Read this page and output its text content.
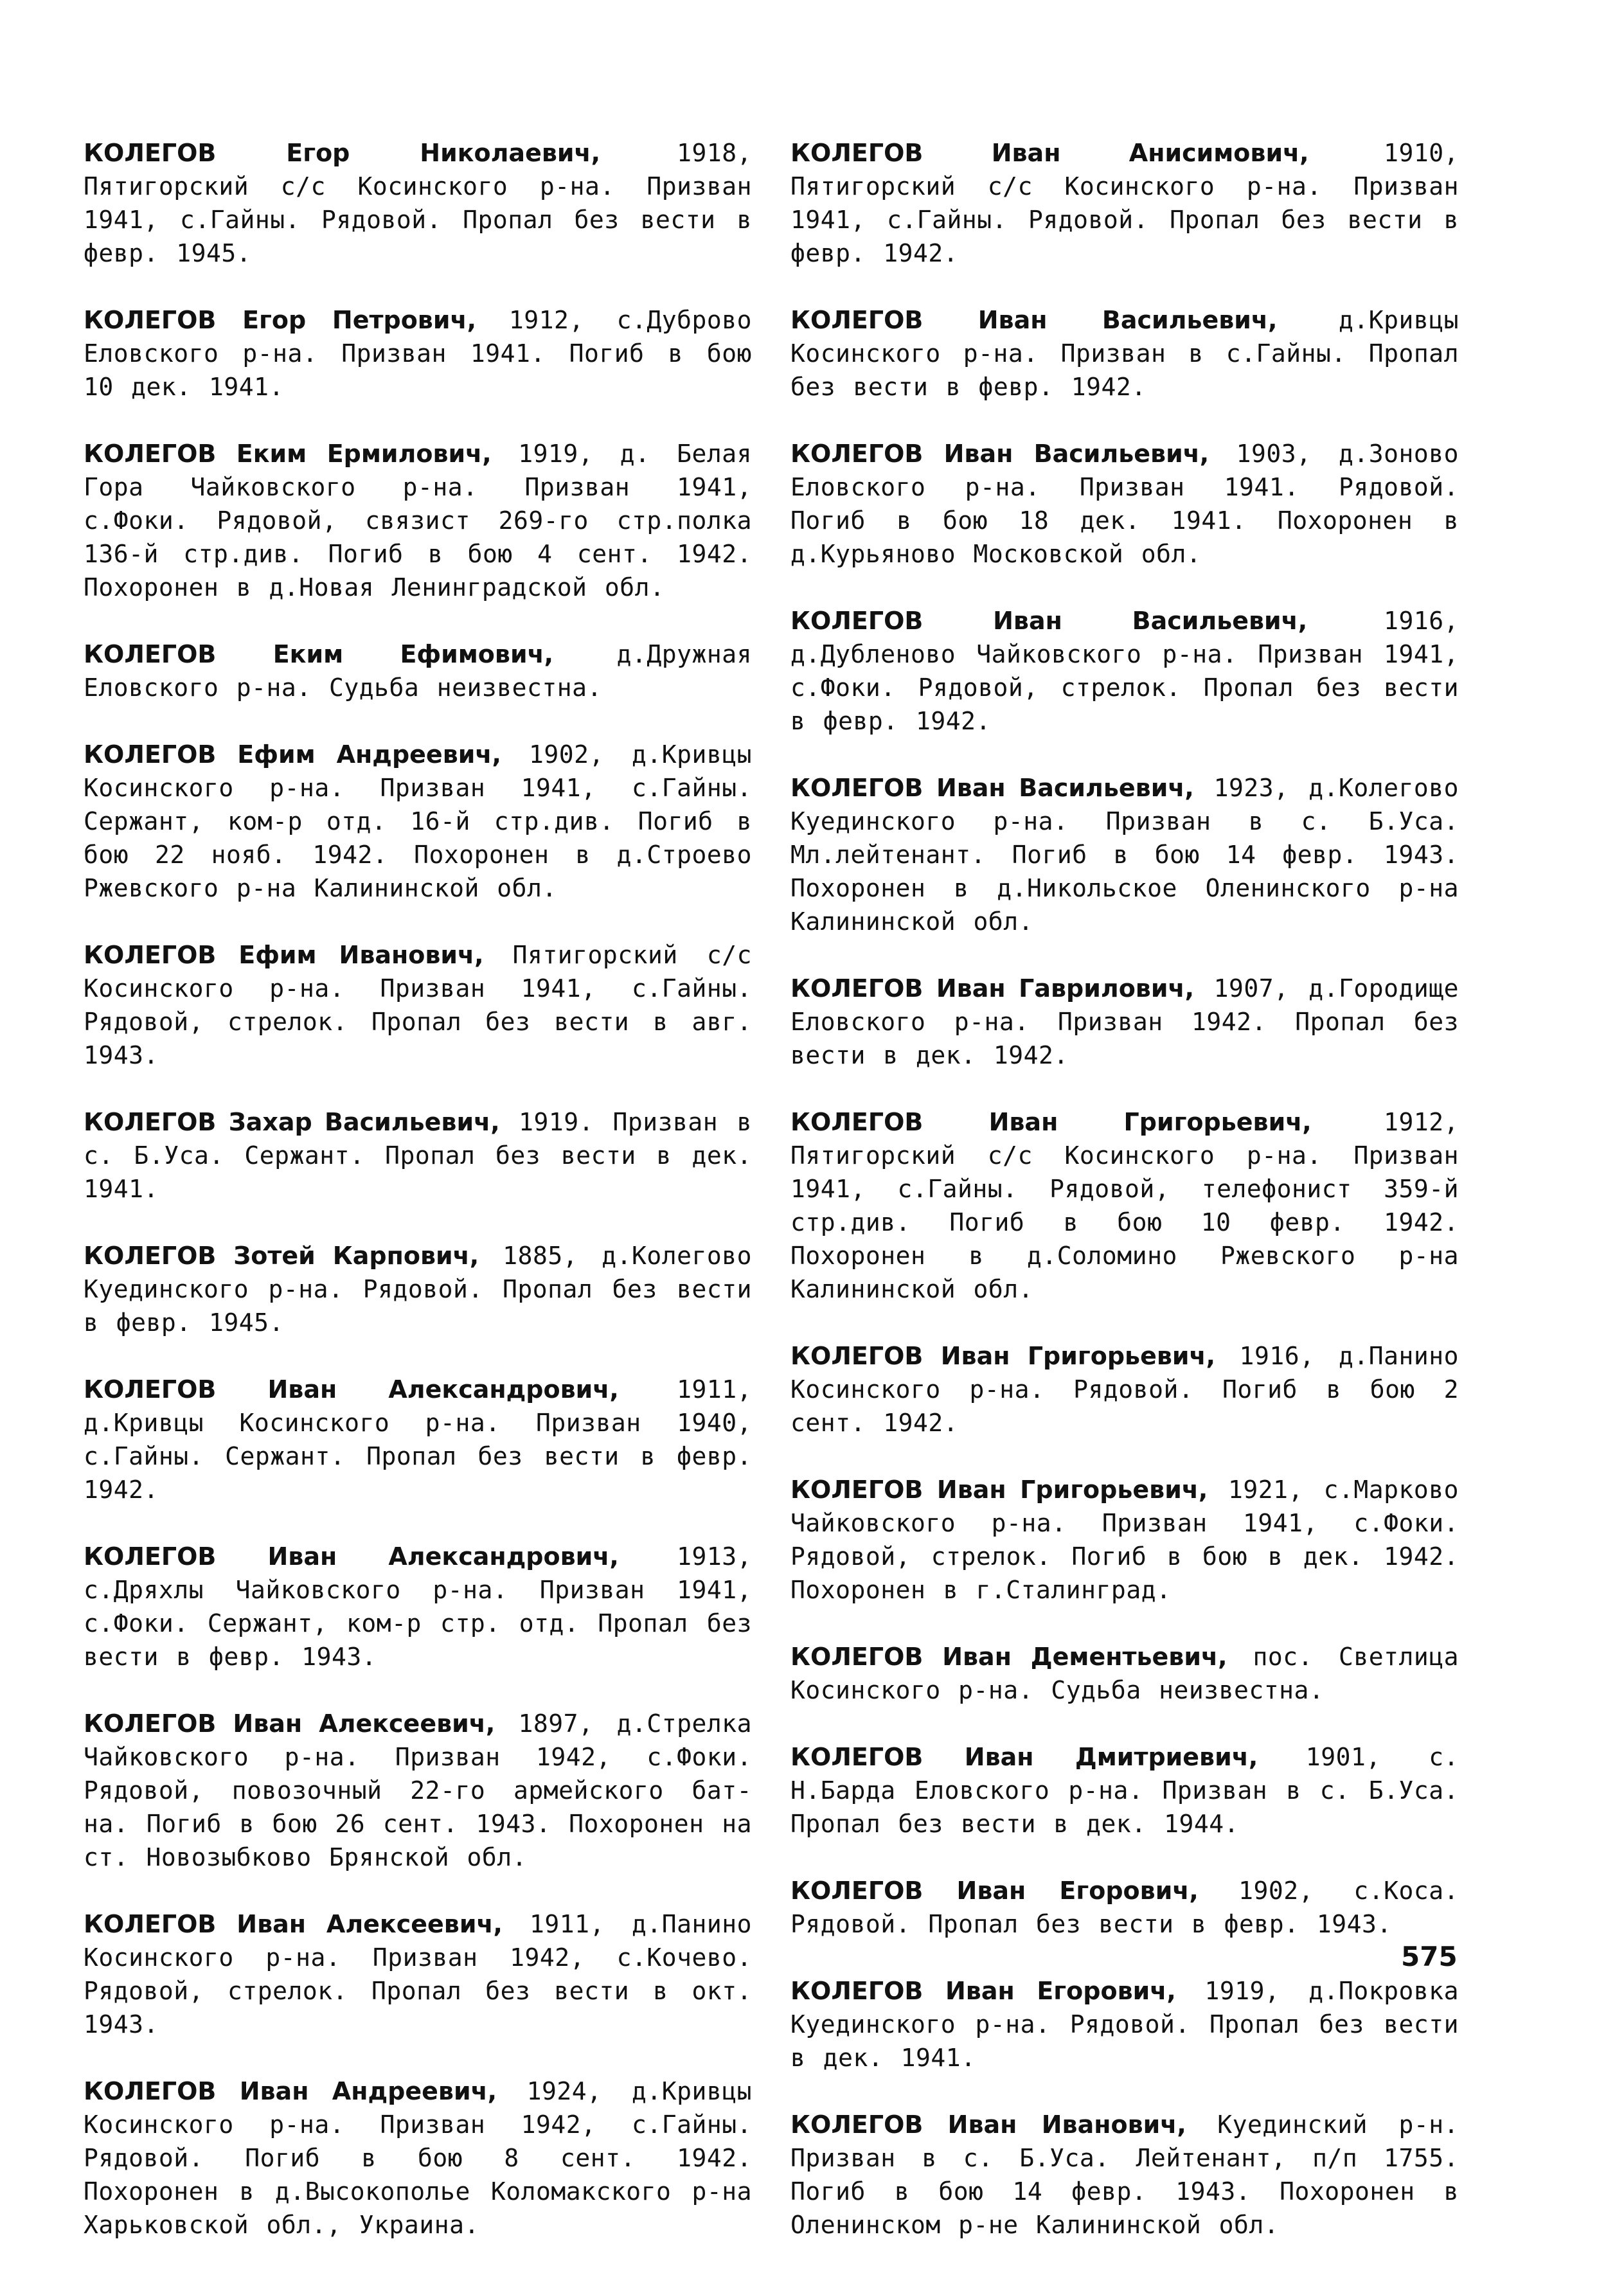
КОЛЕГОВ Егор Николаевич, 1918, Пятигорский с/с Косинского р-на. Призван 1941, с.Гайны. Рядовой. Пропал без вести в февр. 1945.

КОЛЕГОВ Егор Петрович, 1912, с.Дуброво Еловского р-на. Призван 1941. Погиб в бою 10 дек. 1941.

КОЛЕГОВ Еким Ермилович, 1919, д. Белая Гора Чайковского р-на. Призван 1941, с.Фоки. Рядовой, связист 269-го стр.полка 136-й стр.див. Погиб в бою 4 сент. 1942. Похоронен в д.Новая Ленинградской обл.

КОЛЕГОВ Еким Ефимович, д.Дружная Еловского р-на. Судьба неизвестна.

КОЛЕГОВ Ефим Андреевич, 1902, д.Кривцы Косинского р-на. Призван 1941, с.Гайны. Сержант, ком-р отд. 16-й стр.див. Погиб в бою 22 нояб. 1942. Похоронен в д.Строево Ржевского р-на Калининской обл.

КОЛЕГОВ Ефим Иванович, Пятигорский с/с Косинского р-на. Призван 1941, с.Гайны. Рядовой, стрелок. Пропал без вести в авг. 1943.

КОЛЕГОВ Захар Васильевич, 1919. Призван в с. Б.Уса. Сержант. Пропал без вести в дек. 1941.

КОЛЕГОВ Зотей Карпович, 1885, д.Колегово Куединского р-на. Рядовой. Пропал без вести в февр. 1945.

КОЛЕГОВ Иван Александрович, 1911, д.Кривцы Косинского р-на. Призван 1940, с.Гайны. Сержант. Пропал без вести в февр. 1942.

КОЛЕГОВ Иван Александрович, 1913, с.Дряхлы Чайковского р-на. Призван 1941, с.Фоки. Сержант, ком-р стр. отд. Пропал без вести в февр. 1943.

КОЛЕГОВ Иван Алексеевич, 1897, д.Стрелка Чайковского р-на. Призван 1942, с.Фоки. Рядовой, повозочный 22-го армейского бат-на. Погиб в бою 26 сент. 1943. Похоронен на ст. Новозыбково Брянской обл.

КОЛЕГОВ Иван Алексеевич, 1911, д.Панино Косинского р-на. Призван 1942, с.Кочево. Рядовой, стрелок. Пропал без вести в окт. 1943.

КОЛЕГОВ Иван Андреевич, 1924, д.Кривцы Косинского р-на. Призван 1942, с.Гайны. Рядовой. Погиб в бою 8 сент. 1942. Похоронен в д.Высокополье Коломакского р-на Харьковской обл., Украина.

КОЛЕГОВ Иван Анисимович, 1910, Пятигорский с/с Косинского р-на. Призван 1941, с.Гайны. Рядовой. Пропал без вести в февр. 1942.

КОЛЕГОВ Иван Васильевич, д.Кривцы Косинского р-на. Призван в с.Гайны. Пропал без вести в февр. 1942.

КОЛЕГОВ Иван Васильевич, 1903, д.Зоново Еловского р-на. Призван 1941. Рядовой. Погиб в бою 18 дек. 1941. Похоронен в д.Курьяново Московской обл.

КОЛЕГОВ Иван Васильевич, 1916, д.Дубленово Чайковского р-на. Призван 1941, с.Фоки. Рядовой, стрелок. Пропал без вести в февр. 1942.

КОЛЕГОВ Иван Васильевич, 1923, д.Колегово Куединского р-на. Призван в с. Б.Уса. Мл.лейтенант. Погиб в бою 14 февр. 1943. Похоронен в д.Никольское Оленинского р-на Калининской обл.

КОЛЕГОВ Иван Гаврилович, 1907, д.Городище Еловского р-на. Призван 1942. Пропал без вести в дек. 1942.

КОЛЕГОВ Иван Григорьевич, 1912, Пятигорский с/с Косинского р-на. Призван 1941, с.Гайны. Рядовой, телефонист 359-й стр.див. Погиб в бою 10 февр. 1942. Похоронен в д.Соломино Ржевского р-на Калининской обл.

КОЛЕГОВ Иван Григорьевич, 1916, д.Панино Косинского р-на. Рядовой. Погиб в бою 2 сент. 1942.

КОЛЕГОВ Иван Григорьевич, 1921, с.Марково Чайковского р-на. Призван 1941, с.Фоки. Рядовой, стрелок. Погиб в бою в дек. 1942. Похоронен в г.Сталинград.

КОЛЕГОВ Иван Дементьевич, пос. Светлица Косинского р-на. Судьба неизвестна.

КОЛЕГОВ Иван Дмитриевич, 1901, с. Н.Барда Еловского р-на. Призван в с. Б.Уса. Пропал без вести в дек. 1944.

КОЛЕГОВ Иван Егорович, 1902, с.Коса. Рядовой. Пропал без вести в февр. 1943.

КОЛЕГОВ Иван Егорович, 1919, д.Покровка Куединского р-на. Рядовой. Пропал без вести в дек. 1941.

КОЛЕГОВ Иван Иванович, Куединский р-н. Призван в с. Б.Уса. Лейтенант, п/п 1755. Погиб в бою 14 февр. 1943. Похоронен в Оленинском р-не Калининской обл.

575
